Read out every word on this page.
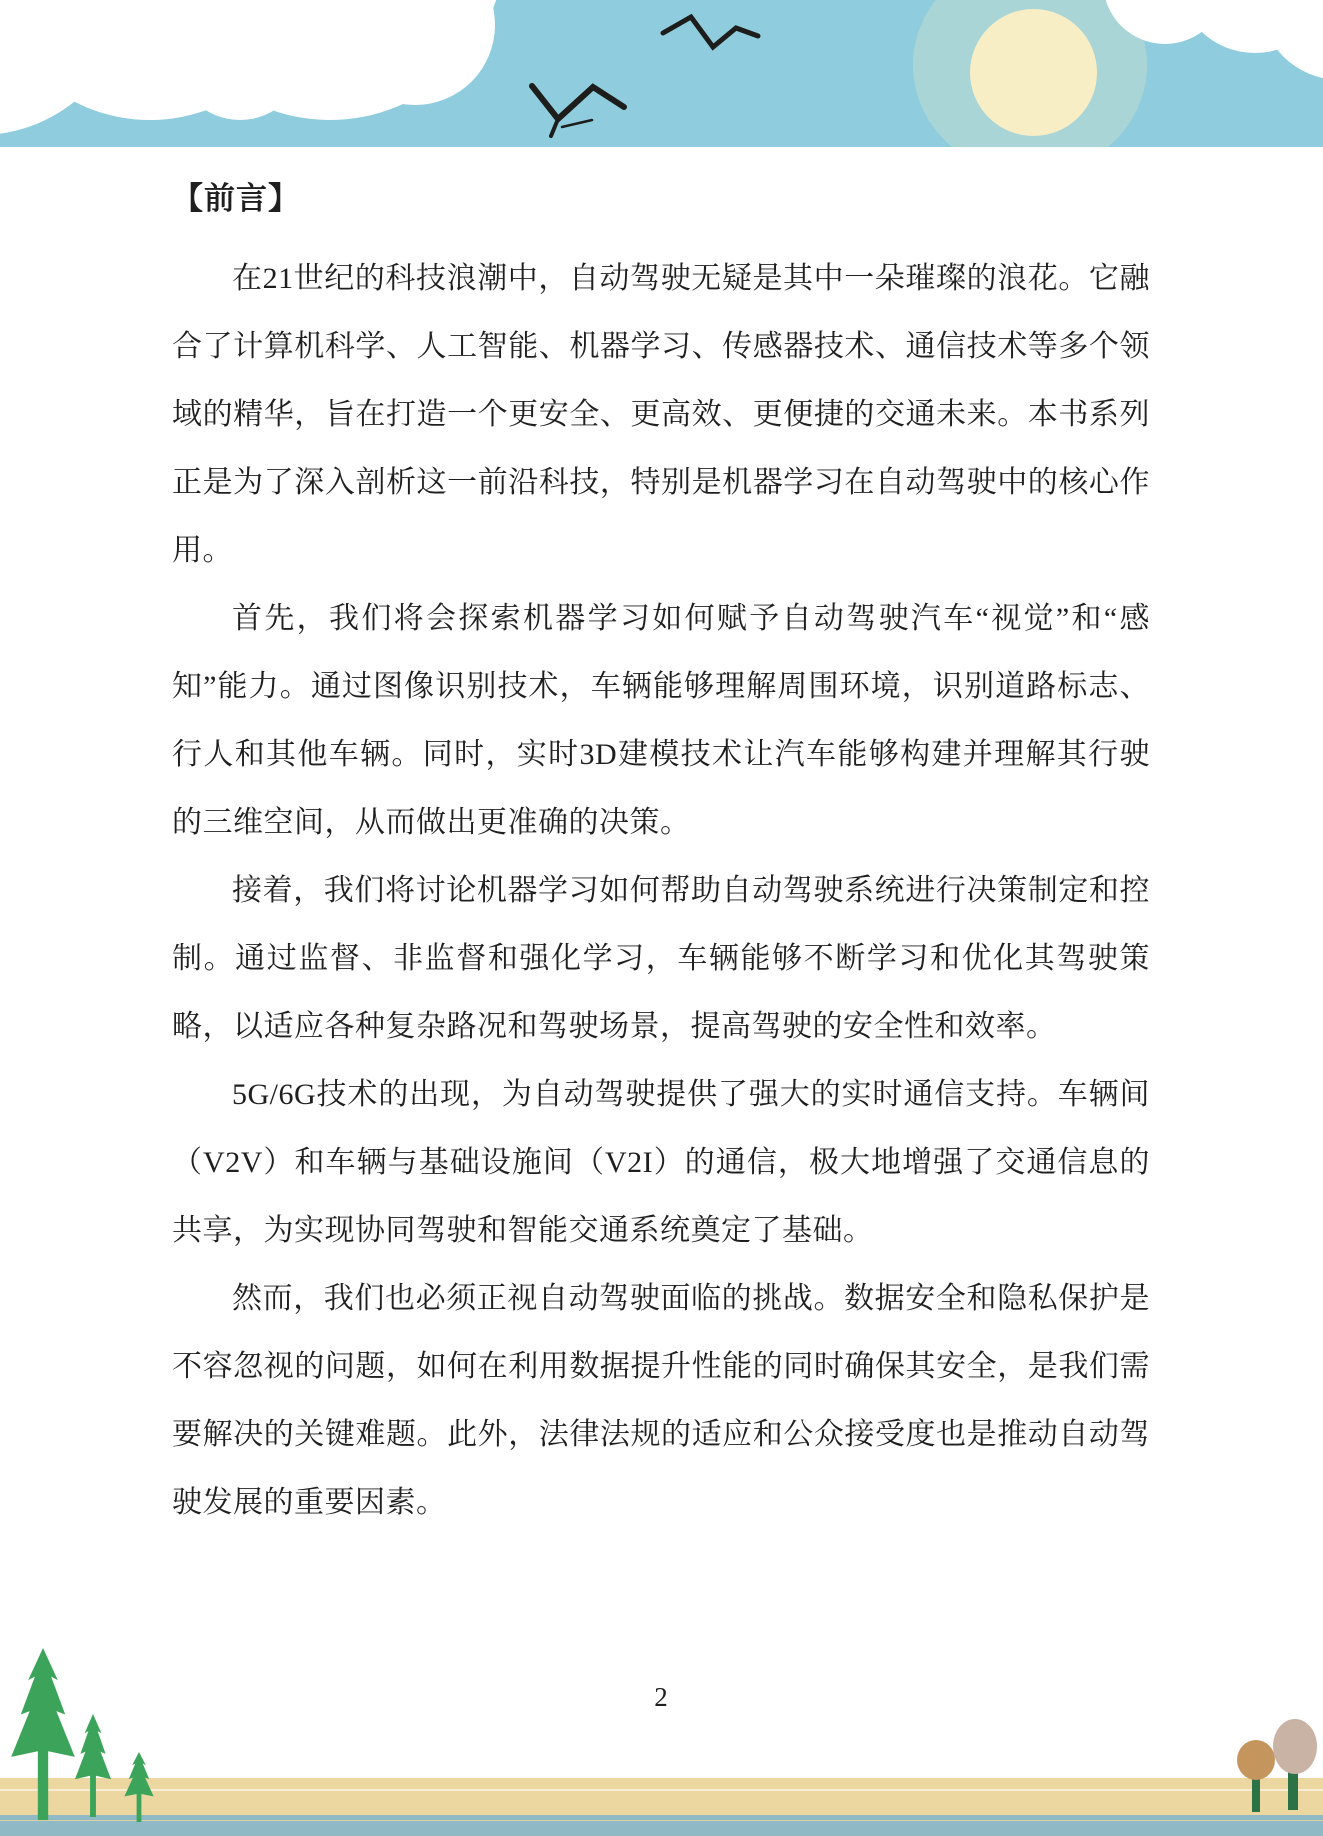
【前言】

在21世纪的科技浪潮中，自动驾驶无疑是其中一朵璀璨的浪花。它融合了计算机科学、人工智能、机器学习、传感器技术、通信技术等多个领域的精华，旨在打造一个更安全、更高效、更便捷的交通未来。本书系列正是为了深入剖析这一前沿科技，特别是机器学习在自动驾驶中的核心作用。

首先，我们将会探索机器学习如何赋予自动驾驶汽车“视觉”和“感知”能力。通过图像识别技术，车辆能够理解周围环境，识别道路标志、行人和其他车辆。同时，实时3D建模技术让汽车能够构建并理解其行驶的三维空间，从而做出更准确的决策。

接着，我们将讨论机器学习如何帮助自动驾驶系统进行决策制定和控制。通过监督、非监督和强化学习，车辆能够不断学习和优化其驾驶策略，以适应各种复杂路况和驾驶场景，提高驾驶的安全性和效率。

5G/6G技术的出现，为自动驾驶提供了强大的实时通信支持。车辆间（V2V）和车辆与基础设施间（V2I）的通信，极大地增强了交通信息的共享，为实现协同驾驶和智能交通系统奠定了基础。

然而，我们也必须正视自动驾驶面临的挑战。数据安全和隐私保护是不容忽视的问题，如何在利用数据提升性能的同时确保其安全，是我们需要解决的关键难题。此外，法律法规的适应和公众接受度也是推动自动驾驶发展的重要因素。

2
